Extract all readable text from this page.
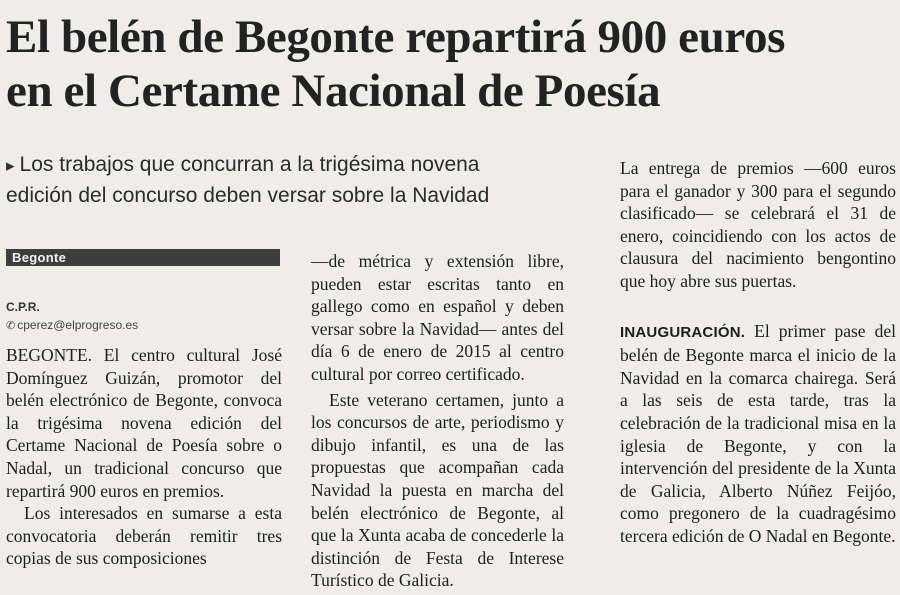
El belén de Begonte repartirá 900 euros
en el Certame Nacional de Poesía
▸ Los trabajos que concurran a la trigésima novena
edición del concurso deben versar sobre la Navidad
Begonte
C.P.R.
✆ cperez@elprogreso.es

BEGONTE. El centro cultural José Domínguez Guizán, promotor del belén electrónico de Begonte, convoca la trigésima novena edición del Certame Nacional de Poesía sobre o Nadal, un tradicional concurso que repartirá 900 euros en premios.

Los interesados en sumarse a esta convocatoria deberán remitir tres copias de sus composiciones

—de métrica y extensión libre, pueden estar escritas tanto en gallego como en español y deben versar sobre la Navidad— antes del día 6 de enero de 2015 al centro cultural por correo certificado.

Este veterano certamen, junto a los concursos de arte, periodismo y dibujo infantil, es una de las propuestas que acompañan cada Navidad la puesta en marcha del belén electrónico de Begonte, al que la Xunta acaba de concederle la distinción de Festa de Interese Turístico de Galicia.

La entrega de premios —600 euros para el ganador y 300 para el segundo clasificado— se celebrará el 31 de enero, coincidiendo con los actos de clausura del nacimiento bengontino que hoy abre sus puertas.

INAUGURACIÓN. El primer pase del belén de Begonte marca el inicio de la Navidad en la comarca chairega. Será a las seis de esta tarde, tras la celebración de la tradicional misa en la iglesia de Begonte, y con la intervención del presidente de la Xunta de Galicia, Alberto Núñez Feijóo, como pregonero de la cuadragésimo tercera edición de O Nadal en Begonte.
